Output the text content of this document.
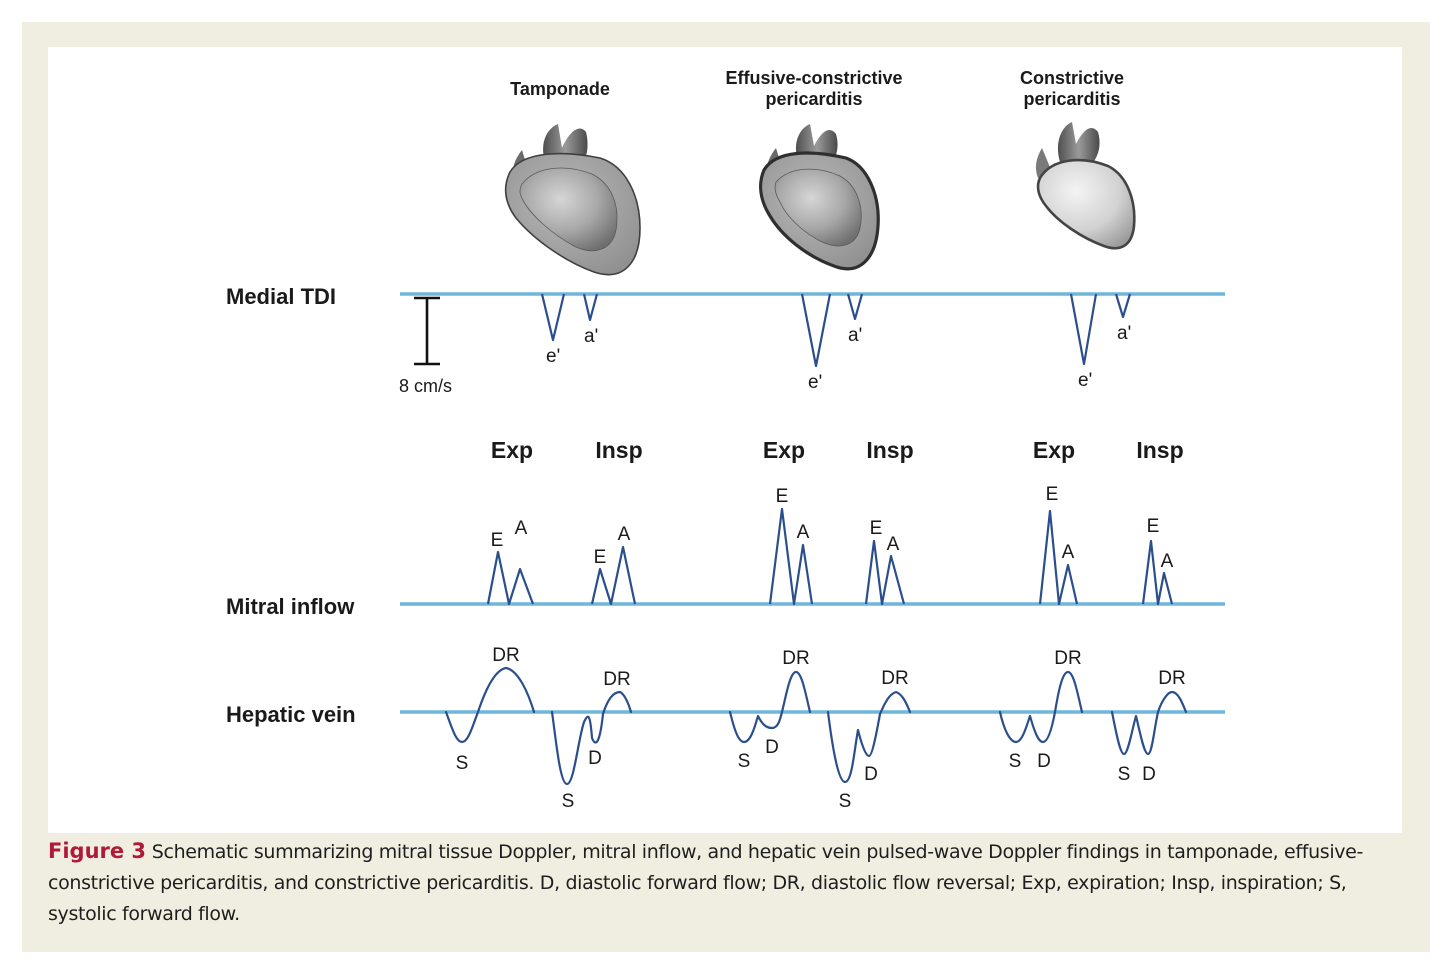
Tamponade
Effusive-constrictive
pericarditis
Constrictive
pericarditis
Medial TDI
Mitral inflow
Hepatic vein
8 cm/s
e'
a'
e'
a'
e'
a'
Exp	Insp	Exp	Insp	Exp	Insp
E
A
E
A
E
A	E
A
E
A
E
A
DR
S
DR
D
S
DR
S
D
DR
D
S
DR
S D
DR
S D
Figure 3 Schematic summarizing mitral tissue Doppler, mitral inflow, and hepatic vein pulsed-wave Doppler findings in tamponade, effusive-constrictive pericarditis, and constrictive pericarditis. D, diastolic forward flow; DR, diastolic flow reversal; Exp, expiration; Insp, inspiration; S, systolic forward flow.
